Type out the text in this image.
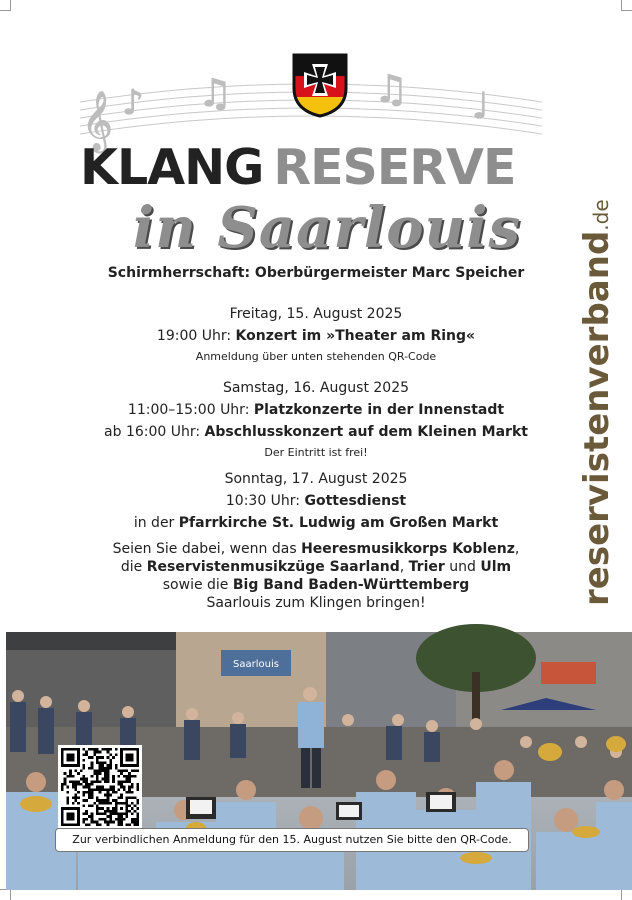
𝄞 ♪ ♫	♫ ♩
KLANG RESERVE
in Saarlouis
Schirmherrschaft: Oberbürgermeister Marc Speicher
Freitag, 15. August 2025
19:00 Uhr: Konzert im »Theater am Ring«
Anmeldung über unten stehenden QR-Code
Samstag, 16. August 2025
11:00–15:00 Uhr: Platzkonzerte in der Innenstadt
ab 16:00 Uhr: Abschlusskonzert auf dem Kleinen Markt
Der Eintritt ist frei!
Sonntag, 17. August 2025
10:30 Uhr: Gottesdienst
in der Pfarrkirche St. Ludwig am Großen Markt
Seien Sie dabei, wenn das Heeresmusikkorps Koblenz,
die Reservistenmusikzüge Saarland, Trier und Ulm
sowie die Big Band Baden-Württemberg
Saarlouis zum Klingen bringen!	reservistenverband.de
Saarlouis
Zur verbindlichen Anmeldung für den 15. August nutzen Sie bitte den QR-Code.
